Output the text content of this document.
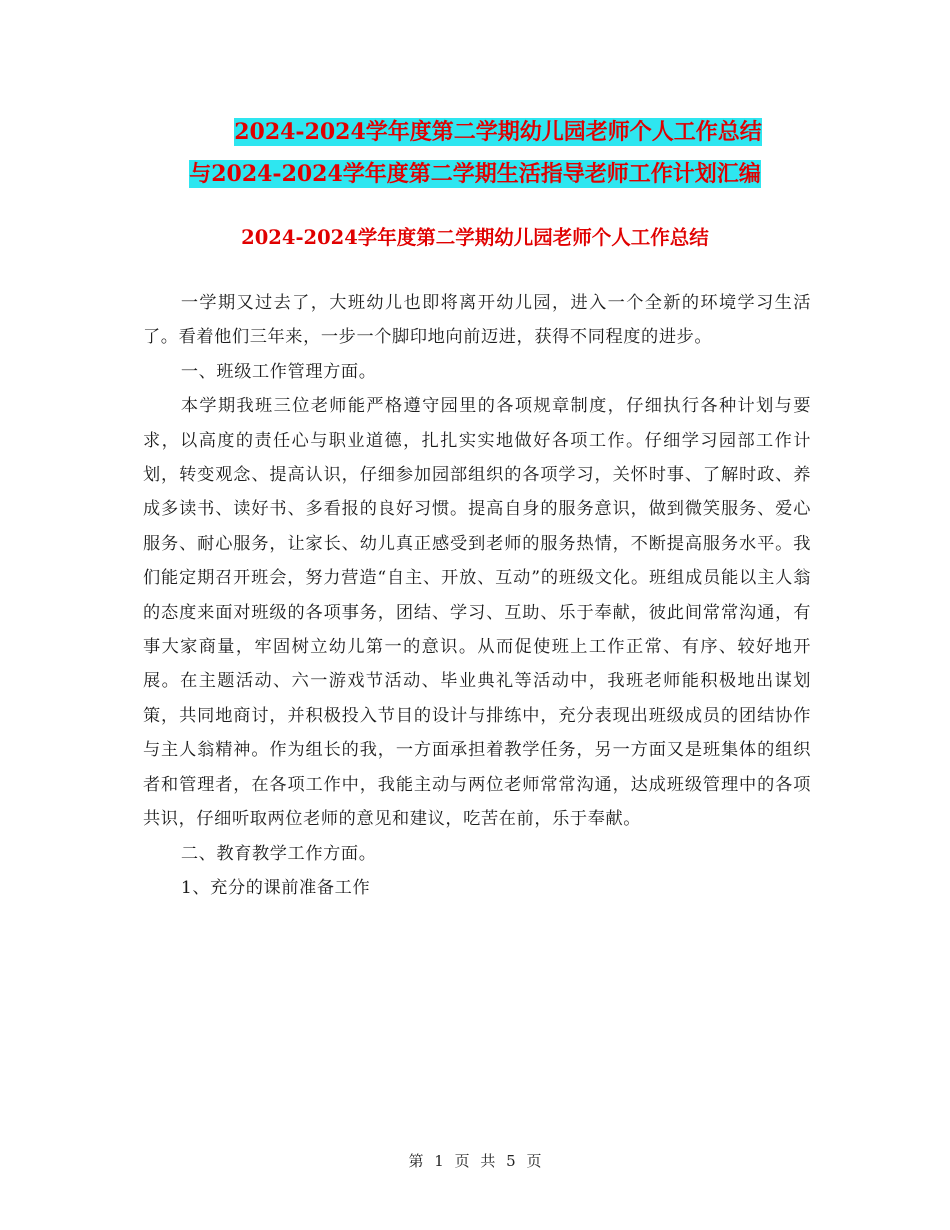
2024-2024学年度第二学期幼儿园老师个人工作总结
与2024-2024学年度第二学期生活指导老师工作计划汇编
2024-2024学年度第二学期幼儿园老师个人工作总结

一学期又过去了，大班幼儿也即将离开幼儿园，进入一个全新的环境学习生活了。看着他们三年来，一步一个脚印地向前迈进，获得不同程度的进步。

一、班级工作管理方面。

本学期我班三位老师能严格遵守园里的各项规章制度，仔细执行各种计划与要求，以高度的责任心与职业道德，扎扎实实地做好各项工作。仔细学习园部工作计划，转变观念、提高认识，仔细参加园部组织的各项学习，关怀时事、了解时政、养成多读书、读好书、多看报的良好习惯。提高自身的服务意识，做到微笑服务、爱心服务、耐心服务，让家长、幼儿真正感受到老师的服务热情，不断提高服务水平。我们能定期召开班会，努力营造“自主、开放、互动”的班级文化。班组成员能以主人翁的态度来面对班级的各项事务，团结、学习、互助、乐于奉献，彼此间常常沟通，有事大家商量，牢固树立幼儿第一的意识。从而促使班上工作正常、有序、较好地开展。在主题活动、六一游戏节活动、毕业典礼等活动中，我班老师能积极地出谋划策，共同地商讨，并积极投入节目的设计与排练中，充分表现出班级成员的团结协作与主人翁精神。作为组长的我，一方面承担着教学任务，另一方面又是班集体的组织者和管理者，在各项工作中，我能主动与两位老师常常沟通，达成班级管理中的各项共识，仔细听取两位老师的意见和建议，吃苦在前，乐于奉献。

二、教育教学工作方面。

1、充分的课前准备工作

第 1 页 共 5 页
